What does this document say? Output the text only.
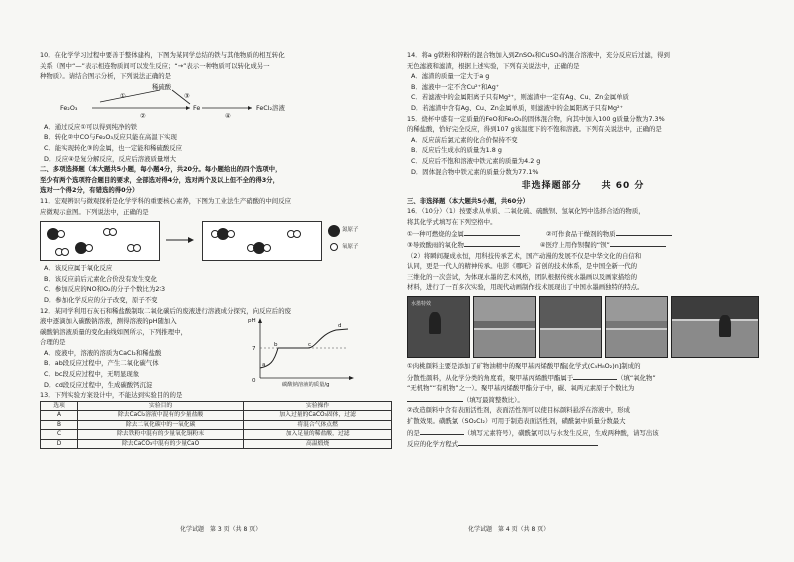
10．在化学学习过程中要善于整体建构，下图为某同学总结的铁与其他物质的相互转化
关系（图中“—”表示相连物质间可以发生反应；“→”表示一种物质可以转化成另一
种物质）。请结合图示分析，下列说法正确的是
稀硫酸
Fe₂O₃	Fe	FeCl₂溶液
①
②
③
④
A．通过反应①可以得到纯净的铁
B．转化②中CO与Fe₂O₃反应只能在高温下实现
C．能实现转化③的金属，也一定能和稀硫酸反应
D．反应④是复分解反应，反应后溶液质量增大
二、多项选择题（本大题共5小题，每小题4分，共20分。每小题给出的四个选项中，
至少有两个选项符合题目的要求，全部选对得4分，选对两个及以上但不全的得3分，
选对一个得2分，有错选的得0分）
11．宏观辨识与微观探析是化学学科的重要核心素养，下图为工业法生产硝酸的中间反应
应微观示意图。下列说法中，正确的是
氮原子
氧原子
A．该反应属于氧化反应
B．该反应前后元素化合价没有发生变化
C．参加反应的NO和O₂的分子个数比为2∶3
D．参加化学反应的分子改变，原子不变
12．某同学利用石灰石和稀盐酸制取二氧化碳后的废液进行溶液成分探究，向反应后的废
液中逐滴加入碳酸钠溶液，测得溶液的pH随加入
碳酸钠溶液质量的变化曲线如图所示，下列推理中，
合理的是
A．废液中，溶液的溶质为CaCl₂和稀盐酸
B．ab段反应过程中，产生二氧化碳气体
C．bc段反应过程中，无明显现象
D．cd段反应过程中，生成碳酸钙沉淀
pH
7
0
a
b	c
d
碳酸钠溶液的质量/g
13．下列实验方案设计中，不能达到实验目的的是
选项	实验目的	实验操作
A	除去CaCl₂溶液中混有的少量盐酸	加入过量的CaCO₃固体，过滤
B	除去二氧化碳中的一氧化碳	将混合气体点燃
C	除去铁粉中混有的少量氧化铜粉末	加入足量的稀盐酸，过滤
D	除去CaCO₃中混有的少量CaO	高温煅烧
化学试题　第 3 页（共 8 页）
14．将a g铁粉和锌粉的混合物加入到ZnSO₄和CuSO₄的混合溶液中，充分反应后过滤，得到
无色滤液和滤渣，根据上述实验，下列有关说法中，正确的是
A．滤渣的质量一定大于a g
B．滤液中一定不含Cu²⁺和Ag⁺
C．若滤液中的金属阳离子只有Mg²⁺，则滤渣中一定有Ag、Cu、Zn金属单质
D．若滤渣中含有Ag、Cu、Zn金属单质，则滤液中的金属阳离子只有Mg²⁺
15．烧杯中盛有一定质量的FeO和Fe₂O₃的固体混合物，向其中加入100 g质量分数为7.3%
的稀盐酸，恰好完全反应，得到107 g该温度下的不饱和溶液。下列有关说法中，正确的是
A．反应前后氯元素的化合价保持不变
B．反应后生成水的质量为1.8 g
C．反应后不饱和溶液中铁元素的质量为4.2 g
D．固体混合物中铁元素的质量分数为77.1%
非选择题部分　　共 60 分
三、非选择题（本大题共5小题，共60分）
16．（10分）（1）按要求从单质、二氧化硫、硫酸钡、氢氧化钙中选择合适的物质，
将其化学式填写在下列空格中。
①一种可燃烧的金属	②可作食品干燥剂的物质
③导致酸雨的氧化物	④医疗上用作钡餐的“钡”
（2）将瞬间凝成永恒，用科技传承艺术，国产动漫的发展不仅是中华文化的自信和
认同，更是一代人的精神传承。电影《哪吒》首创的技术体系，是中国全新一代的
三维化的一次尝试，为体现水墨的艺术风格，团队根据传统水墨画以及画家描绘的
材料，进行了一百多次实验，用现代动画制作技术展现出了中国水墨画独特的特点。
水墨特效
①肉桃颜料主要是添加了矿物油精中的聚甲基丙烯酸甲酯[化学式(C₅H₈O₂)n]制成的
分散性颜料，从化学分类的角度看，聚甲基丙烯酸甲酯属于	（填“氧化物”
“无机物”“有机物”之一）。聚甲基丙烯酸甲酯分子中，碳、氧两元素原子个数比为
（填写最简整数比）。
②改造颜料中含有表面活性剂，表面活性剂可以使目标颜料悬浮在溶液中，形成
扩散效果。磺酰氯（SO₂Cl₂）可用于制造表面活性剂，磺酰氯中质量分数最大
的是	（填写元素符号），磺酰氯可以与水发生反应，生成两种酸，请写出该
反应的化学方程式
化学试题　第 4 页（共 8 页）
